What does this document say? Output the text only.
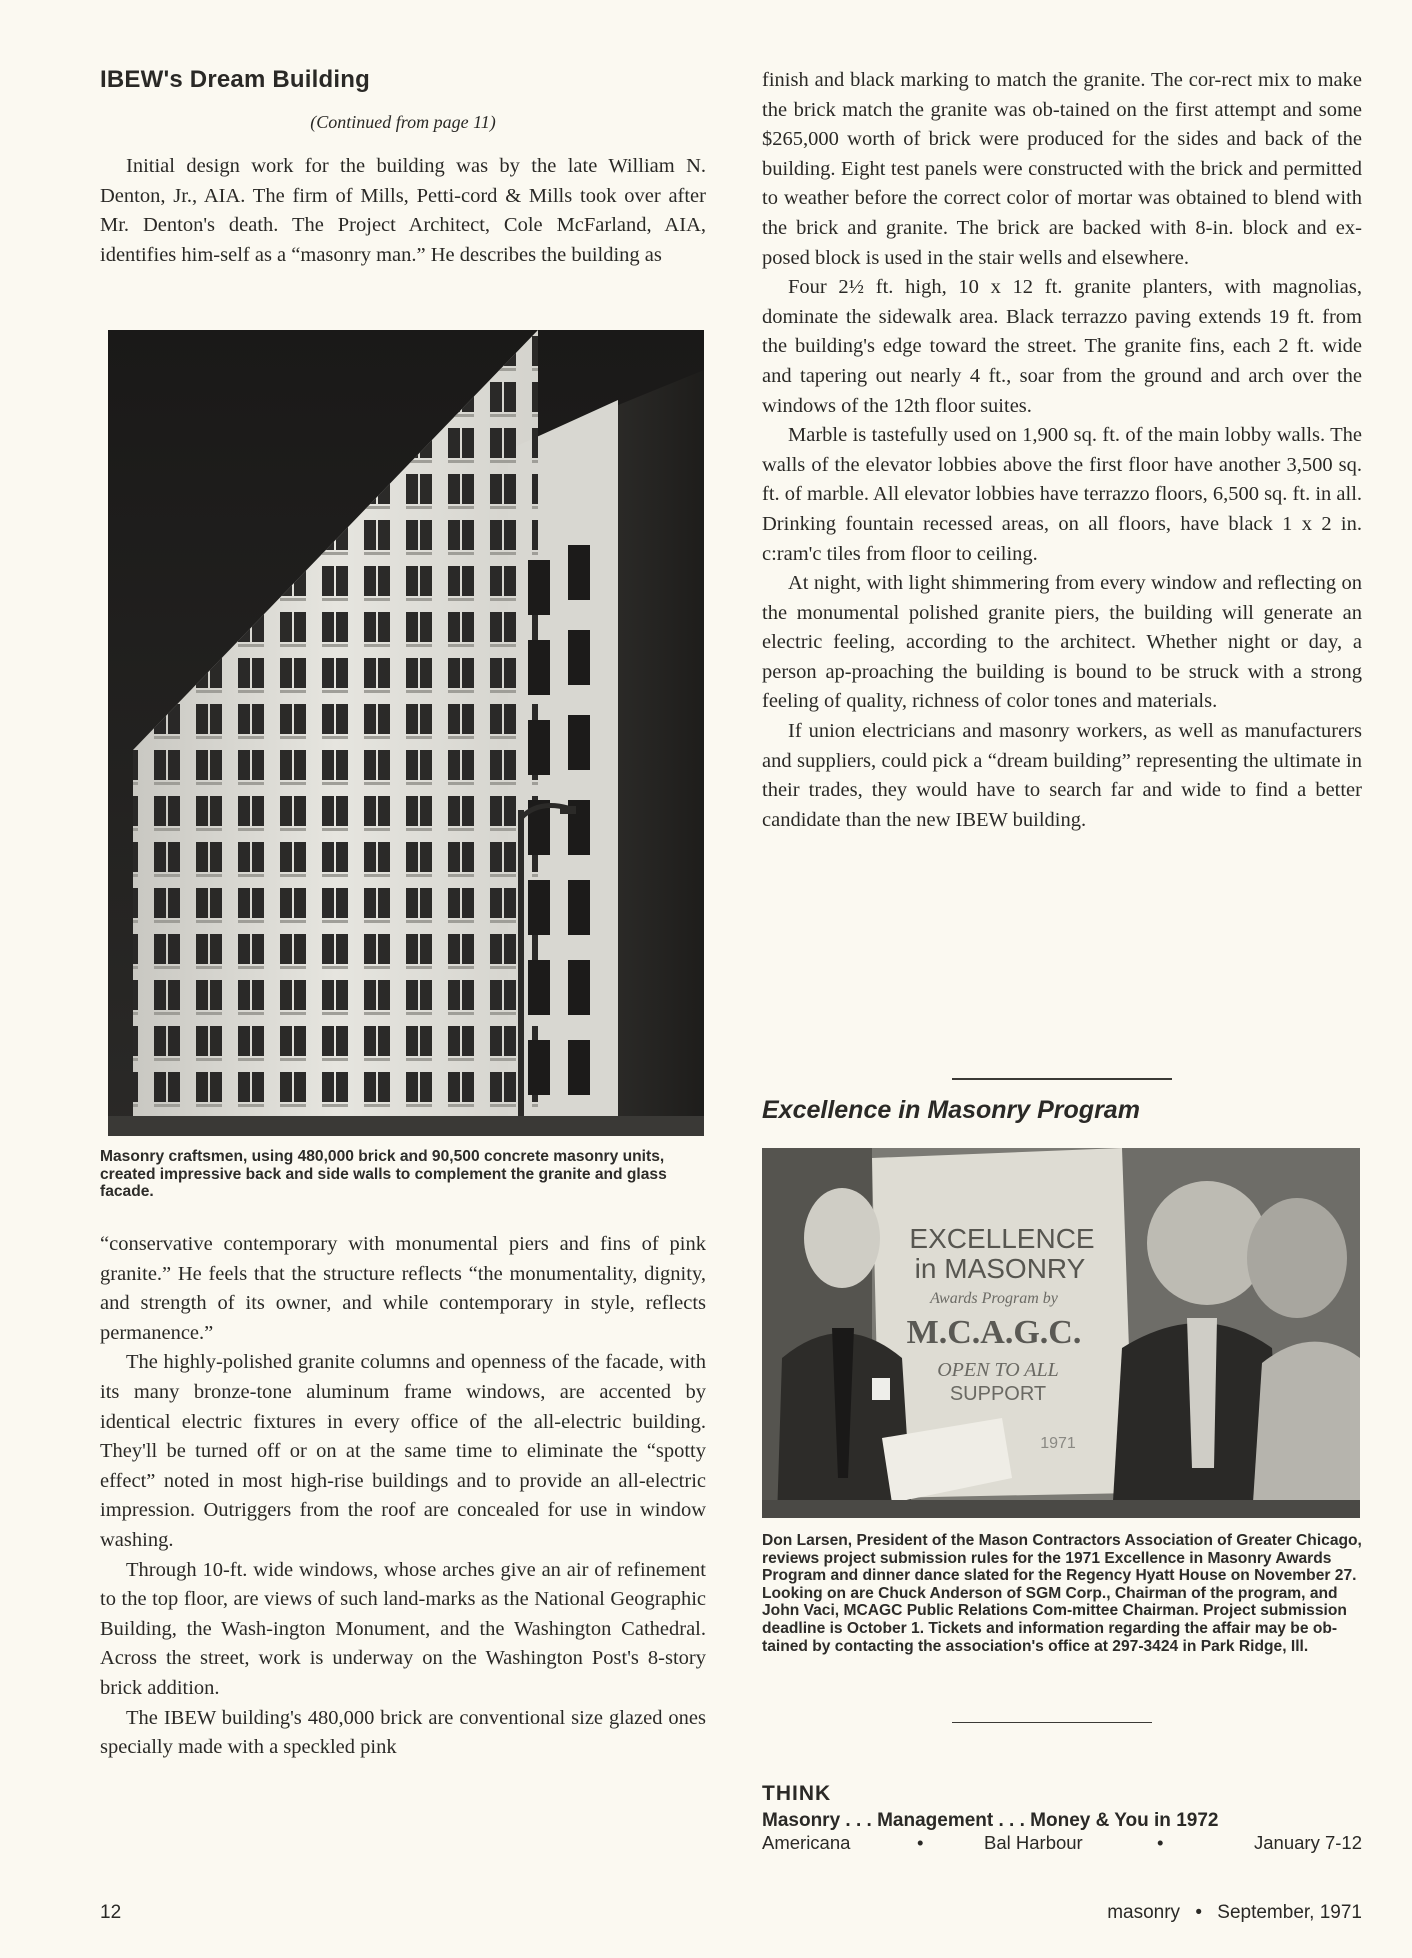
IBEW's Dream Building
(Continued from page 11)

Initial design work for the building was by the late William N. Denton, Jr., AIA. The firm of Mills, Petti-cord & Mills took over after Mr. Denton's death. The Project Architect, Cole McFarland, AIA, identifies him-self as a “masonry man.” He describes the building as

Masonry craftsmen, using 480,000 brick and 90,500 concrete masonry units, created impressive back and side walls to complement the granite and glass facade.

“conservative contemporary with monumental piers and fins of pink granite.” He feels that the structure reflects “the monumentality, dignity, and strength of its owner, and while contemporary in style, reflects permanence.”

The highly-polished granite columns and openness of the facade, with its many bronze-tone aluminum frame windows, are accented by identical electric fixtures in every office of the all-electric building. They'll be turned off or on at the same time to eliminate the “spotty effect” noted in most high-rise buildings and to provide an all-electric impression. Outriggers from the roof are concealed for use in window washing.

Through 10-ft. wide windows, whose arches give an air of refinement to the top floor, are views of such land-marks as the National Geographic Building, the Wash-ington Monument, and the Washington Cathedral. Across the street, work is underway on the Washington Post's 8-story brick addition.

The IBEW building's 480,000 brick are conventional size glazed ones specially made with a speckled pink

12

finish and black marking to match the granite. The cor-rect mix to make the brick match the granite was ob-tained on the first attempt and some $265,000 worth of brick were produced for the sides and back of the building. Eight test panels were constructed with the brick and permitted to weather before the correct color of mortar was obtained to blend with the brick and granite. The brick are backed with 8-in. block and ex-posed block is used in the stair wells and elsewhere.

Four 2½ ft. high, 10 x 12 ft. granite planters, with magnolias, dominate the sidewalk area. Black terrazzo paving extends 19 ft. from the building's edge toward the street. The granite fins, each 2 ft. wide and tapering out nearly 4 ft., soar from the ground and arch over the windows of the 12th floor suites.

Marble is tastefully used on 1,900 sq. ft. of the main lobby walls. The walls of the elevator lobbies above the first floor have another 3,500 sq. ft. of marble. All elevator lobbies have terrazzo floors, 6,500 sq. ft. in all. Drinking fountain recessed areas, on all floors, have black 1 x 2 in. c:ram'c tiles from floor to ceiling.

At night, with light shimmering from every window and reflecting on the monumental polished granite piers, the building will generate an electric feeling, according to the architect. Whether night or day, a person ap-proaching the building is bound to be struck with a strong feeling of quality, richness of color tones and materials.

If union electricians and masonry workers, as well as manufacturers and suppliers, could pick a “dream building” representing the ultimate in their trades, they would have to search far and wide to find a better candidate than the new IBEW building.

Excellence in Masonry Program
EXCELLENCE
in MASONRY
Awards Program by
M.C.A.G.C.
OPEN TO ALL
SUPPORT
1971
Don Larsen, President of the Mason Contractors Association of Greater Chicago, reviews project submission rules for the 1971 Excellence in Masonry Awards Program and dinner dance slated for the Regency Hyatt House on November 27. Looking on are Chuck Anderson of SGM Corp., Chairman of the program, and John Vaci, MCAGC Public Relations Com-mittee Chairman. Project submission deadline is October 1. Tickets and information regarding the affair may be ob-tained by contacting the association's office at 297-3424 in Park Ridge, Ill.
THINK
Masonry . . . Management . . . Money & You in 1972
Americana	•	Bal Harbour	•	January 7-12
masonry • September, 1971
